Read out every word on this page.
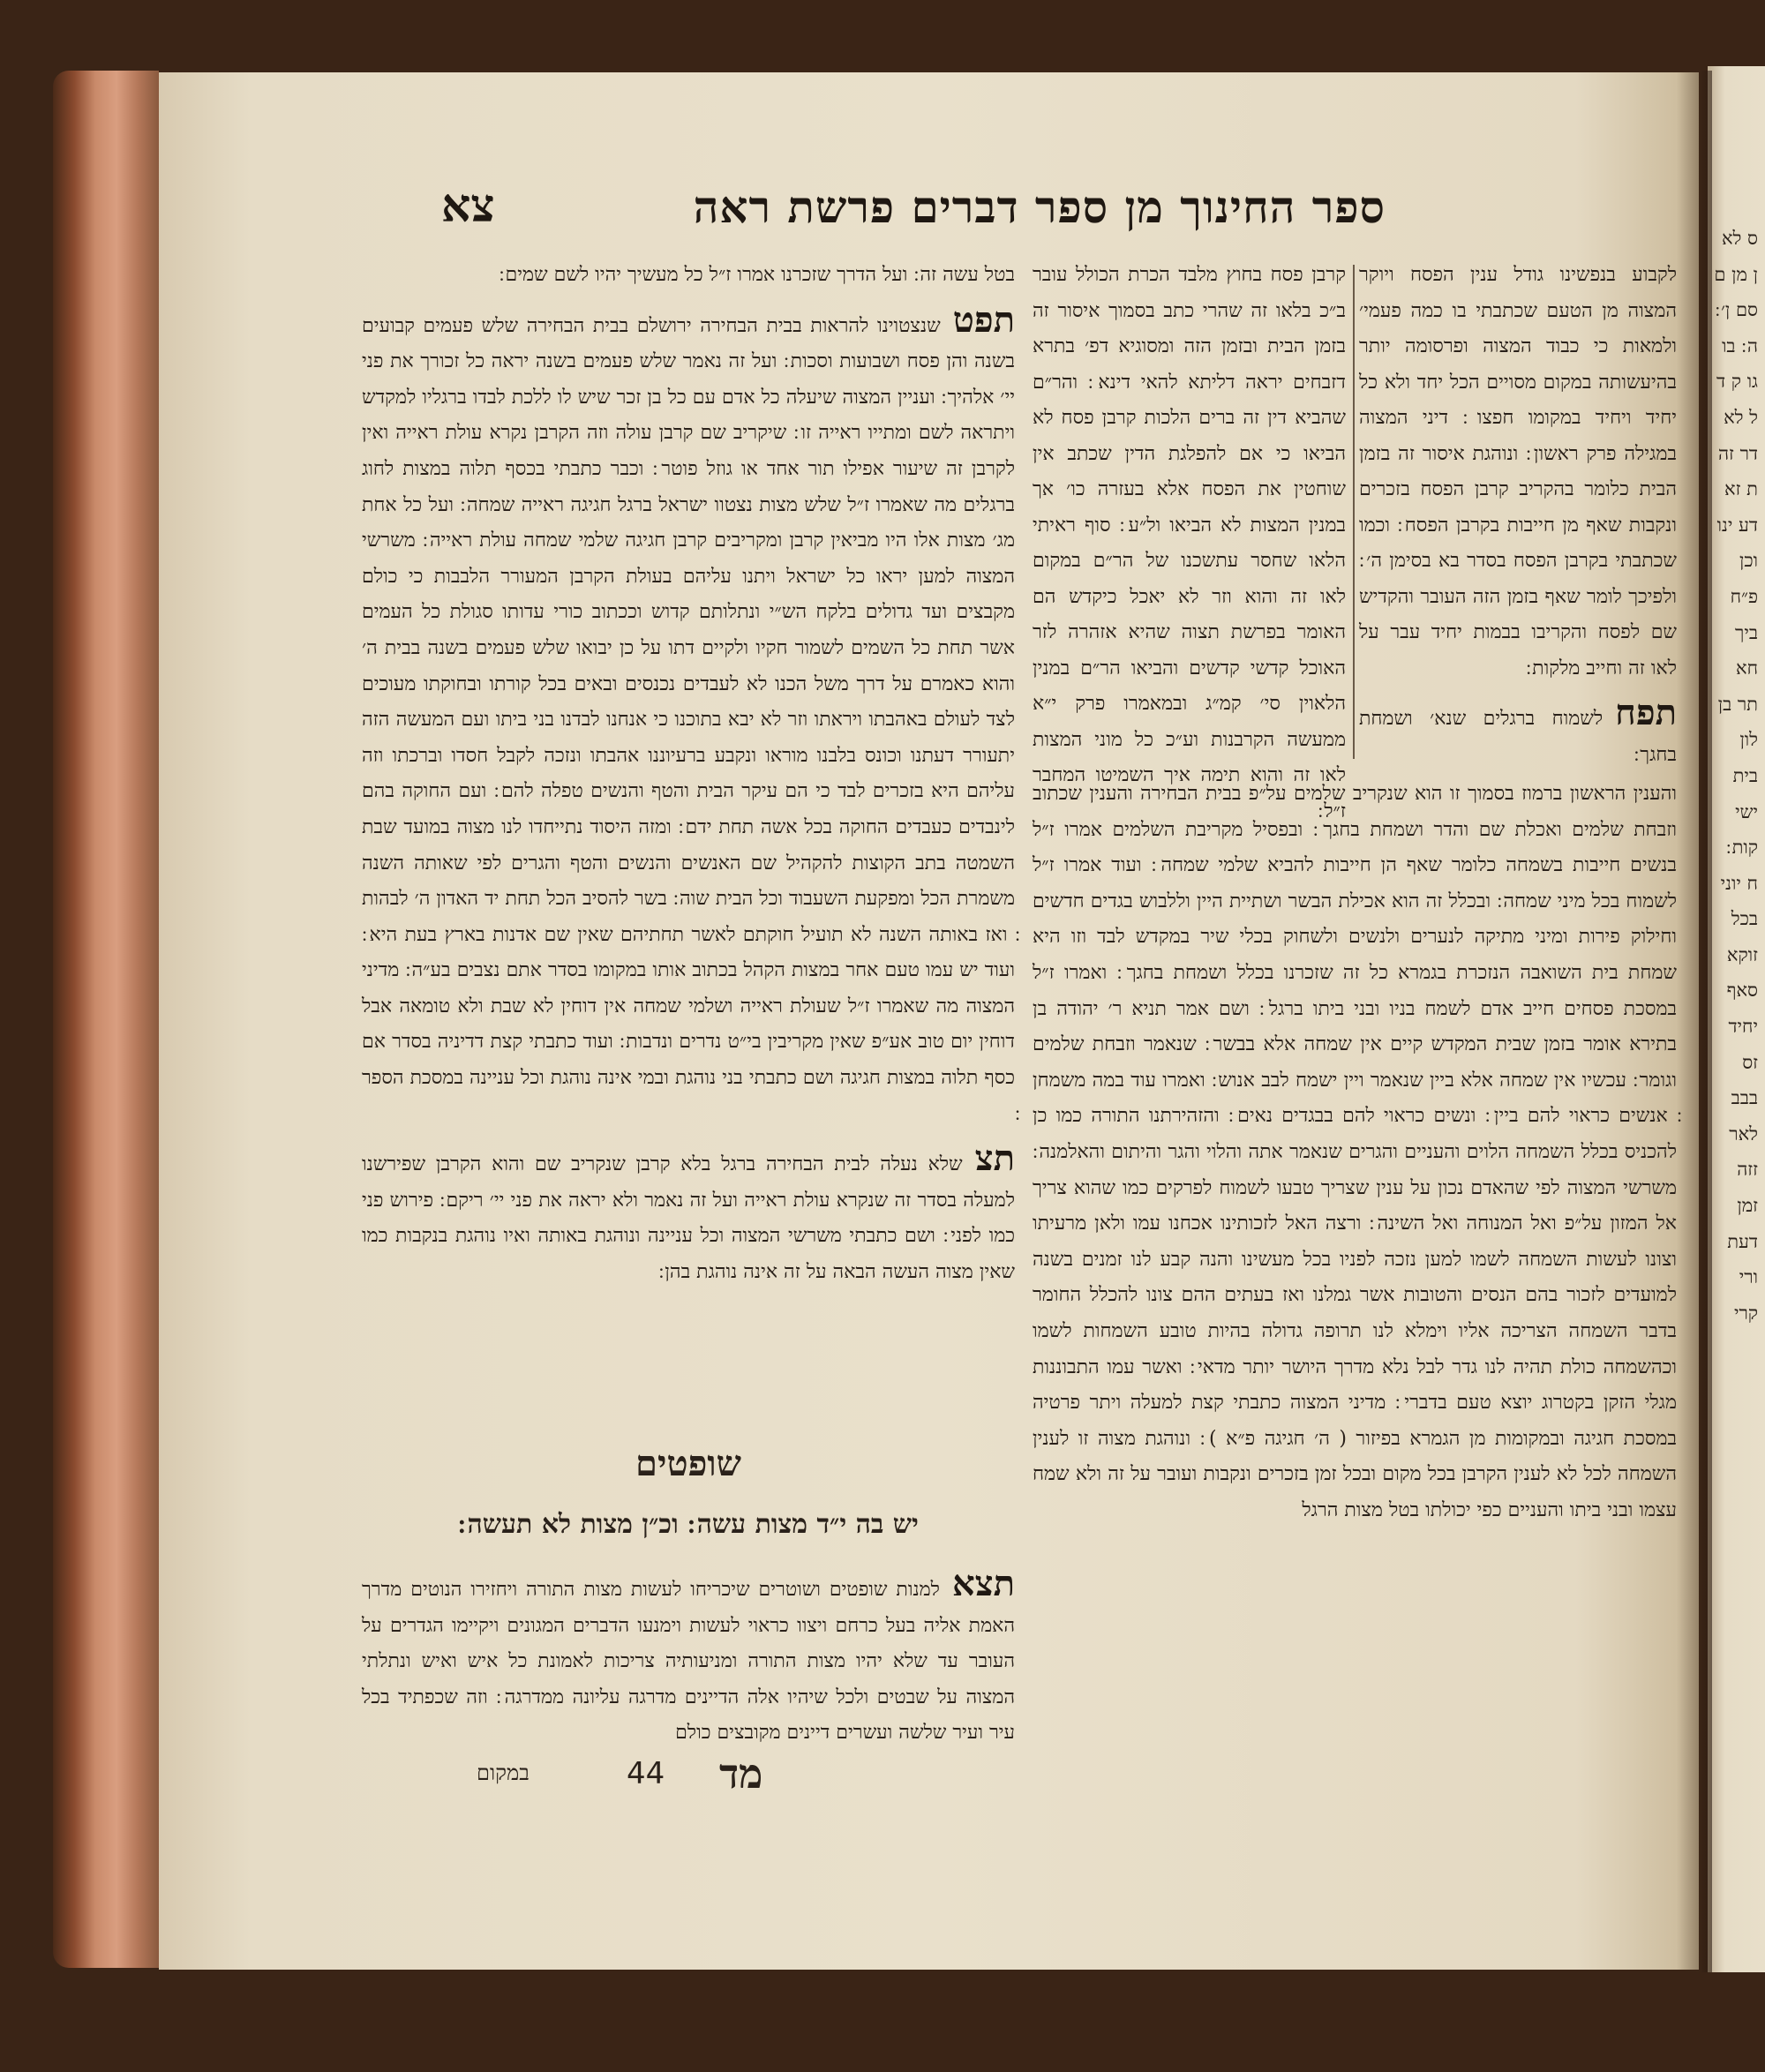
ספר החינוך מן ספר דברים פרשת ראה
צא

לקבוע בנפשינו גודל ענין הפסח ויוקר המצוה מן הטעם שכתבתי בו כמה פעמי׳ ולמאות כי כבוד המצוה ופרסומה יותר בהיעשותה במקום מסויים הכל יחד ולא כל יחיד ויחיד במקומו חפצו ׃ דיני המצוה במגילה פרק ראשון ׃ ונוהגת איסור זה בזמן הבית כלומר בהקריב קרבן הפסח בזכרים ונקבות שאף מן חייבות בקרבן הפסח ׃ וכמו שכתבתי בקרבן הפסח בסדר בא בסימן ה׳ ׃ ולפיכך לומר שאף בזמן הזה העובר והקדיש שם לפסח והקריבו בבמות יחיד עבר על לאו זה וחייב מלקות ׃

תפחלשמוח ברגלים שנא׳ ושמחת בחגך ׃

קרבן פסח בחוץ מלבד הכרת הכולל עובר ב״כ בלאו זה שהרי כתב בסמוך איסור זה בזמן הבית ובזמן הזה ומסוגיא דפ׳ בתרא דזבחים יראה דליתא להאי דינא ׃ והר״ם שהביא דין זה ברים הלכות קרבן פסח לא הביאו כי אם להפלגת הדין שכתב אין שוחטין את הפסח אלא בעזרה כו׳ אך במנין המצות לא הביאו ול״ע ׃ סוף ראיתי הלאו שחסר עתשכנו של הר״ם במקום לאו זה והוא וזר לא יאכל כיקדש הם האומר בפרשת תצוה שהיא אזהרה לזר האוכל קדשי קדשים והביאו הר״ם במנין הלאוין סי׳ קמ״ג ובמאמרו פרק י״א ממעשה הקרבנות וע״כ כל מוני המצות לאו זה והוא תימה איך השמיטו המחבר ז״ל ׃

והענין הראשון ברמוז בסמוך זו הוא שנקריב שלמים על״פ בבית הבחירה והענין שכתוב וזבחת שלמים ואכלת שם והדר ושמחת בחגך ׃ ובפסיל מקריבת השלמים אמרו ז״ל בנשים חייבות בשמחה כלומר שאף הן חייבות להביא שלמי שמחה ׃ ועוד אמרו ז״ל לשמוח בכל מיני שמחה ׃ ובכלל זה הוא אכילת הבשר ושתיית היין וללבוש בגדים חדשים וחילוק פירות ומיני מתיקה לנערים ולנשים ולשחוק בכלי שיר במקדש לבד וזו היא שמחת בית השואבה הנזכרת בגמרא כל זה שזכרנו בכלל ושמחת בחגך ׃ ואמרו ז״ל במסכת פסחים חייב אדם לשמח בניו ובני ביתו ברגל ׃ ושם אמר תניא ר׳ יהודה בן בתירא אומר בזמן שבית המקדש קיים אין שמחה אלא בבשר ׃ שנאמר וזבחת שלמים וגומר ׃ עכשיו אין שמחה אלא ביין שנאמר ויין ישמח לבב אנוש ׃ ואמרו עוד במה משמחן ׃ אנשים כראוי להם ביין ׃ ונשים כראוי להם בבגדים נאים ׃ והזהירתנו התורה כמו כן להכניס בכלל השמחה הלוים והעניים והגרים שנאמר אתה והלוי והגר והיתום והאלמנה ׃ משרשי המצוה לפי שהאדם נכון על ענין שצריך טבעו לשמוח לפרקים כמו שהוא צריך אל המזון על״פ ואל המנוחה ואל השינה ׃ ורצה האל לזכותינו אכחנו עמו ולאן מרעיתו וצונו לעשות השמחה לשמו למען נזכה לפניו בכל מעשינו והנה קבע לנו זמנים בשנה למועדים לזכור בהם הנסים והטובות אשר גמלנו ואז בעתים ההם צונו להכלל החומר בדבר השמחה הצריכה אליו וימלא לנו תרופה גדולה בהיות טובע השמחות לשמו וכהשמחה כולת תהיה לנו גדר לבל נלא מדרך היושר יותר מדאי ׃ ואשר עמו התבוננות מגלי הזקן בקטרוג יוצא טעם בדברי ׃ מדיני המצוה כתבתי קצת למעלה ויתר פרטיה במסכת חגיגה ובמקומות מן הגמרא בפיזור ( ה׳ חגיגה פ״א ) ׃ ונוהגת מצוה זו לענין השמחה לכל לא לענין הקרבן בכל מקום ובכל זמן בזכרים ונקבות ועובר על זה ולא שמח עצמו ובני ביתו והעניים כפי יכולתו בטל מצות הרגל

בטל עשה זה ׃ ועל הדרך שזכרנו אמרו ז״ל כל מעשיך יהיו לשם שמים ׃

תפטשנצטוינו להראות בבית הבחירה ירושלם בבית הבחירה שלש פעמים קבועים בשנה והן פסח ושבועות וסכות ׃ ועל זה נאמר שלש פעמים בשנה יראה כל זכורך את פני יי׳ אלהיך ׃ ועניין המצוה שיעלה כל אדם עם כל בן זכר שיש לו ללכת לבדו ברגליו למקדש ויתראה לשם ומתייו ראייה זו ׃ שיקריב שם קרבן עולה וזה הקרבן נקרא עולת ראייה ואין לקרבן זה שיעור אפילו תור אחד או גוזל פוטר ׃ וכבר כתבתי בכסף תלוה במצות לחוג ברגלים מה שאמרו ז״ל שלש מצות נצטוו ישראל ברגל חגיגה ראייה שמחה ׃ ועל כל אחת מג׳ מצות אלו היו מביאין קרבן ומקריבים קרבן חגיגה שלמי שמחה עולת ראייה ׃ משרשי המצוה למען יראו כל ישראל ויתנו עליהם בעולת הקרבן המעורר הלבבות כי כולם מקבצים ועד גדולים בלקח הש״י ונתלותם קדוש וככתוב כורי עדותו סגולת כל העמים אשר תחת כל השמים לשמור חקיו ולקיים דתו על כן יבואו שלש פעמים בשנה בבית ה׳ והוא כאמרם על דרך משל הכנו לא לעבדים נכנסים ובאים בכל קורתו ובחוקתו מעוכים לצד לעולם באהבתו ויראתו וזר לא יבא בתוכנו כי אנחנו לבדנו בני ביתו ועם המעשה הזה יתעורר דעתנו וכונס בלבנו מוראו ונקבע ברעיוננו אהבתו ונזכה לקבל חסדו וברכתו וזה עליהם היא בזכרים לבד כי הם עיקר הבית והטף והנשים טפלה להם ׃ ועם החוקה בהם לינבדים כעבדים החוקה בכל אשה תחת ידם ׃ ומזה היסוד נתייחדו לנו מצוה במועד שבת השמטה בתב הקוצות להקהיל שם האנשים והנשים והטף והגרים לפי שאותה השנה משמרת הכל ומפקעת השעבוד וכל הבית שוה ׃ בשר להסיב הכל תחת יד האדון ה׳ לבהות ׃ ואז באותה השנה לא תועיל חוקתם לאשר תחתיהם שאין שם אדנות בארץ בעת היא ועוד יש עמו טעם אחר במצות הקהל בכתוב אותו במקומו בסדר אתם נצבים בע״ה ׃ מדיני המצוה מה שאמרו ז״ל שעולת ראייה ושלמי שמחה אין דוחין לא שבת ולא טומאה אבל דוחין יום טוב אע״פ שאין מקריבין בי״ט נדרים ונדבות ׃ ועוד כתבתי קצת דדיניה בסדר אם כסף תלוה במצות חגיגה ושם כתבתי בני נוהגת ובמי אינה נוהגת וכל עניינה במסכת הספר

תצשלא נעלה לבית הבחירה ברגל בלא קרבן שנקריב שם והוא הקרבן שפירשנו למעלה בסדר זה שנקרא עולת ראייה ועל זה נאמר ולא יראה את פני יי׳ ריקם ׃ פירוש פני כמו לפני ׃ ושם כתבתי משרשי המצוה וכל עניינה ונוהגת באותה ואיו נוהגת בנקבות כמו שאין מצוה העשה הבאה על זה אינה נוהגת בהן ׃

שופטים
יש בה י״ד מצות עשה ׃ וכ״ן מצות לא תעשה ׃

תצאלמנות שופטים ושוטרים שיכריחו לעשות מצות התורה ויחזירו הנוטים מדרך האמת אליה בעל כרחם ויצוו כראוי לעשות וימנעו הדברים המגונים ויקיימו הגדרים על העובר עד שלא יהיו מצות התורה ומניעותיה צריכות לאמונת כל איש ואיש ונתלתי המצוה על שבטים ולכל שיהיו אלה הדיינים מדרגה עליונה ממדרגה ׃ וזה שכפתיד בכל עיר ועיר שלשה ועשרים דיינים מקובצים כולם

במקום	44 מד
ס לא ן מן ם סם ן׳ ׃ ה ׃ בו גו ק ד ל לא דר זה ת זא דע ינו וכן פ״ח ביך חא תר בן לון בית ישי קות ׃ ח יוני בכל זוקא סאף יחיד זס בבב לאר זזה זמן דעת ורי קרי
